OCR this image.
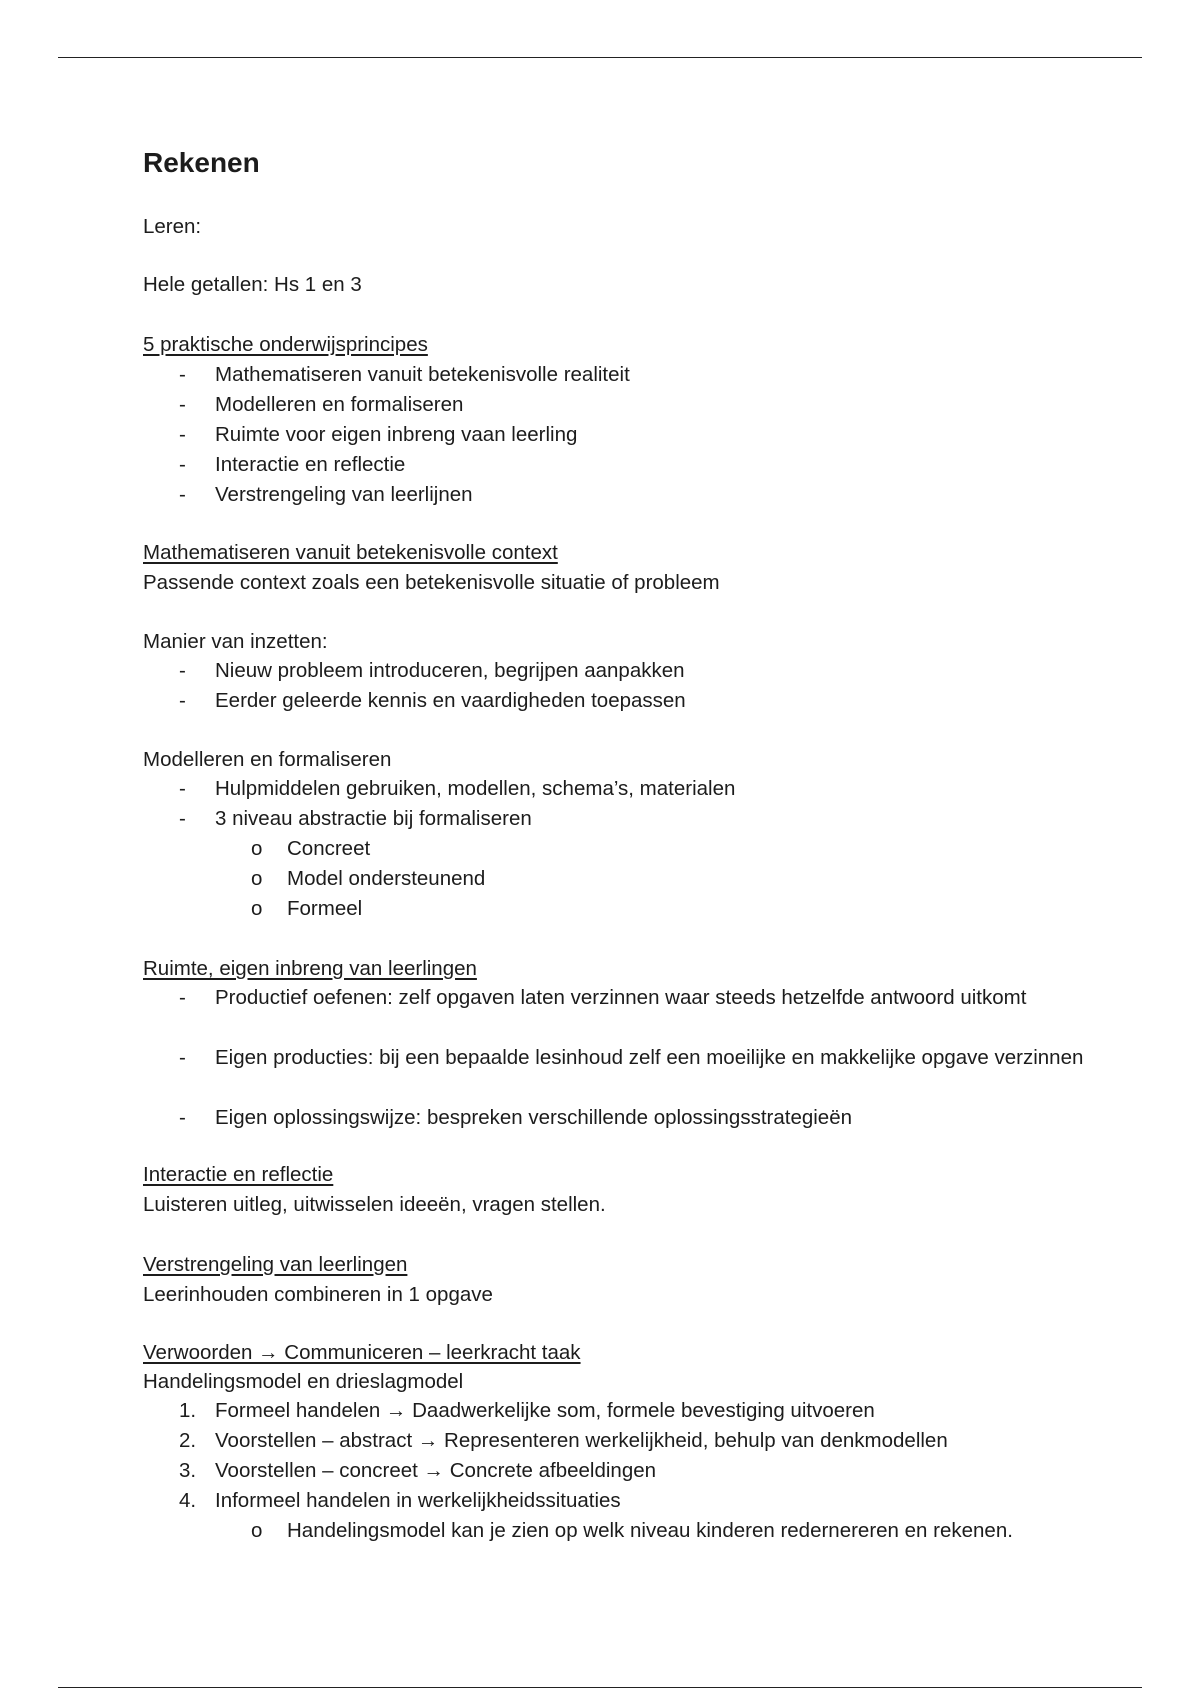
Rekenen
Leren:
Hele getallen: Hs 1 en 3
5 praktische onderwijsprincipes
- Mathematiseren vanuit betekenisvolle realiteit
- Modelleren en formaliseren
- Ruimte voor eigen inbreng vaan leerling
- Interactie en reflectie
- Verstrengeling van leerlijnen
Mathematiseren vanuit betekenisvolle context
Passende context zoals een betekenisvolle situatie of probleem
Manier van inzetten:
- Nieuw probleem introduceren, begrijpen aanpakken
- Eerder geleerde kennis en vaardigheden toepassen
Modelleren en formaliseren
- Hulpmiddelen gebruiken, modellen, schema’s, materialen
- 3 niveau abstractie bij formaliseren
o Concreet
o Model ondersteunend
o Formeel
Ruimte, eigen inbreng van leerlingen
- Productief oefenen: zelf opgaven laten verzinnen waar steeds hetzelfde antwoord uitkomt
- Eigen producties: bij een bepaalde lesinhoud zelf een moeilijke en makkelijke opgave verzinnen
- Eigen oplossingswijze: bespreken verschillende oplossingsstrategieën
Interactie en reflectie
Luisteren uitleg, uitwisselen ideeën, vragen stellen.
Verstrengeling van leerlingen
Leerinhouden combineren in 1 opgave
Verwoorden → Communiceren – leerkracht taak
Handelingsmodel en drieslagmodel
1. Formeel handelen → Daadwerkelijke som, formele bevestiging uitvoeren
2. Voorstellen – abstract → Representeren werkelijkheid, behulp van denkmodellen
3. Voorstellen – concreet → Concrete afbeeldingen
4. Informeel handelen in werkelijkheidssituaties
o Handelingsmodel kan je zien op welk niveau kinderen redernereren en rekenen.
